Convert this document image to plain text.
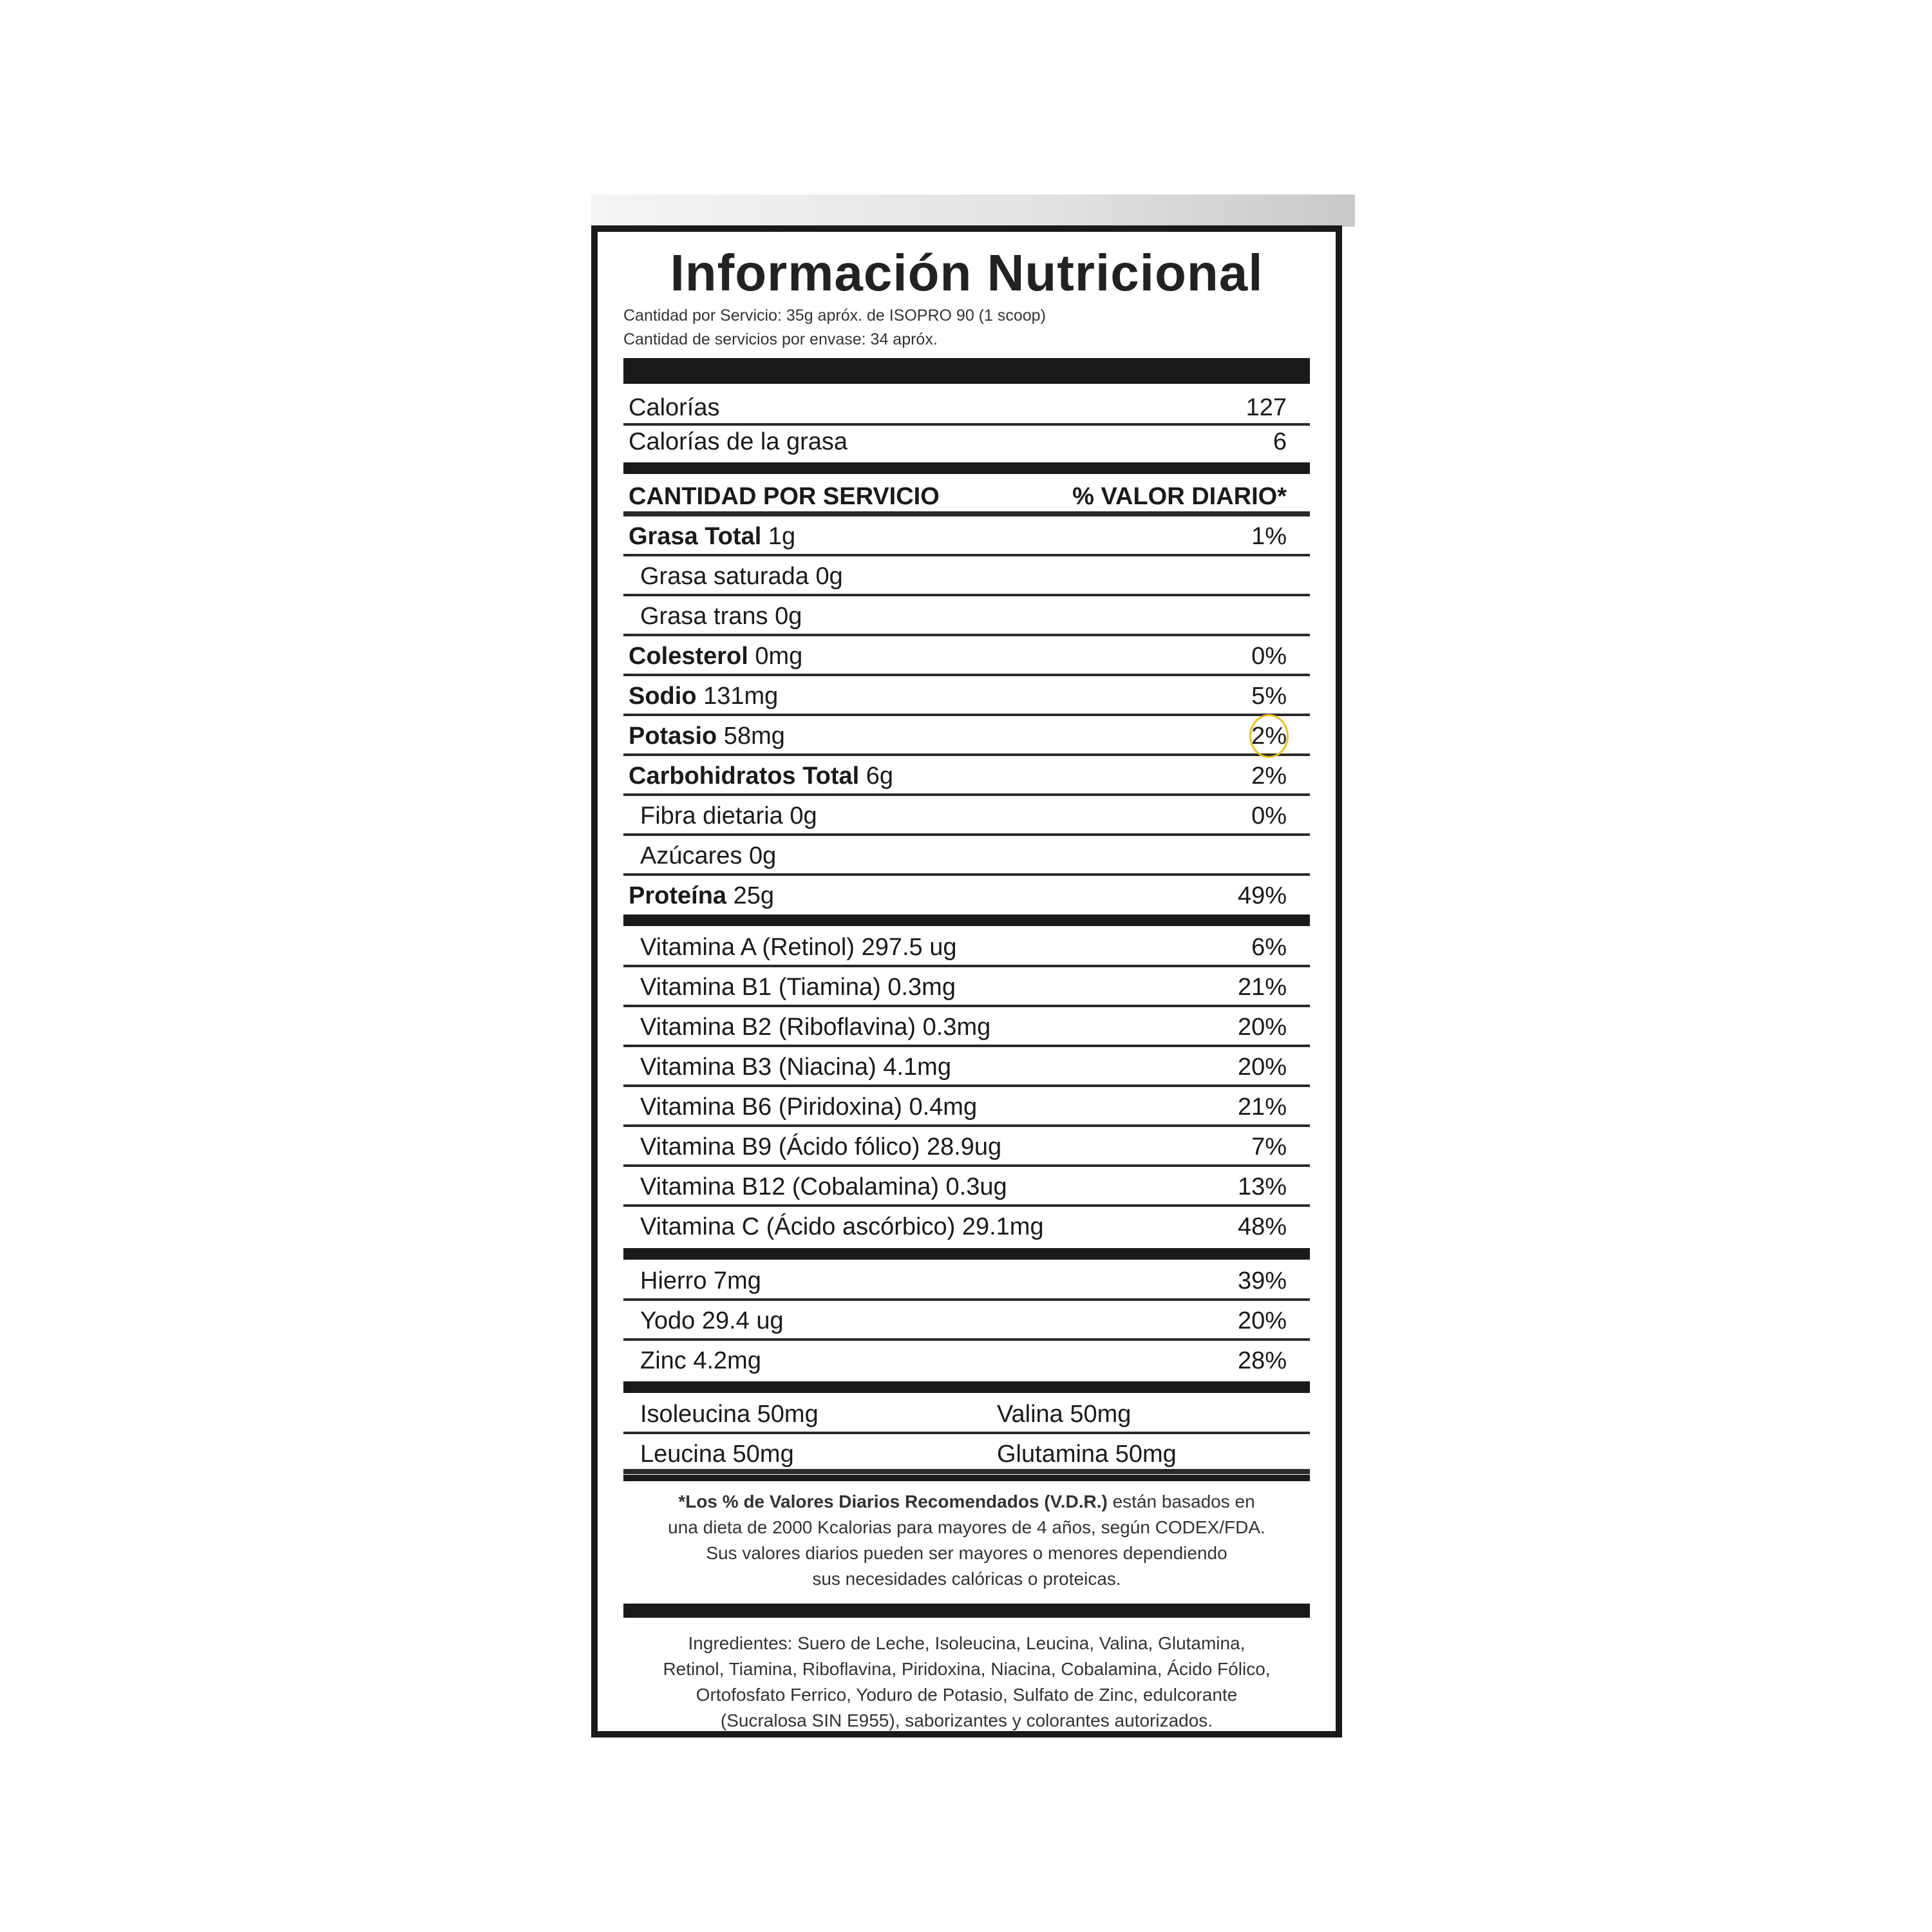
Información Nutricional
Cantidad por Servicio: 35g apróx. de ISOPRO 90 (1 scoop)
Cantidad de servicios por envase: 34 apróx.
Calorías	127
Calorías de la grasa	6
CANTIDAD POR SERVICIO	% VALOR DIARIO*
Grasa Total 1g	1%
Grasa saturada 0g
Grasa trans 0g
Colesterol 0mg	0%
Sodio 131mg	5%
Potasio 58mg	2%
Carbohidratos Total 6g	2%
Fibra dietaria 0g	0%
Azúcares 0g
Proteína 25g	49%
Vitamina A (Retinol) 297.5 ug	6%
Vitamina B1 (Tiamina) 0.3mg	21%
Vitamina B2 (Riboflavina) 0.3mg	20%
Vitamina B3 (Niacina) 4.1mg	20%
Vitamina B6 (Piridoxina) 0.4mg	21%
Vitamina B9 (Ácido fólico) 28.9ug	7%
Vitamina B12 (Cobalamina) 0.3ug	13%
Vitamina C (Ácido ascórbico) 29.1mg	48%
Hierro 7mg	39%
Yodo 29.4 ug	20%
Zinc 4.2mg	28%
Isoleucina 50mg	Valina 50mg
Leucina 50mg	Glutamina 50mg
*Los % de Valores Diarios Recomendados (V.D.R.) están basados en
una dieta de 2000 Kcalorias para mayores de 4 años, según CODEX/FDA.
Sus valores diarios pueden ser mayores o menores dependiendo
sus necesidades calóricas o proteicas.
Ingredientes: Suero de Leche, Isoleucina, Leucina, Valina, Glutamina,
Retinol, Tiamina, Riboflavina, Piridoxina, Niacina, Cobalamina, Ácido Fólico,
Ortofosfato Ferrico, Yoduro de Potasio, Sulfato de Zinc, edulcorante
(Sucralosa SIN E955), saborizantes y colorantes autorizados.
